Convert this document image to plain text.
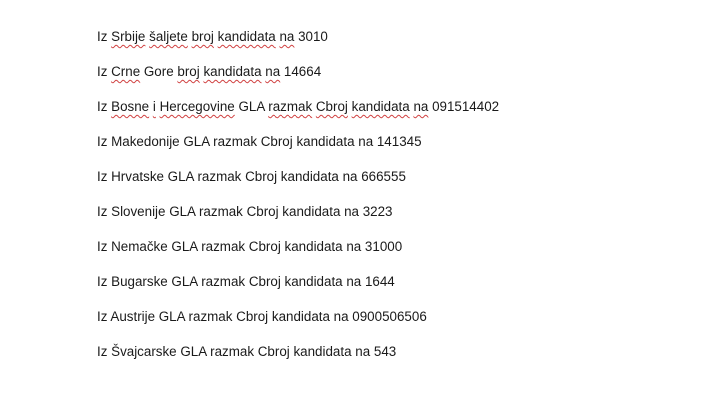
Iz Srbije šaljete broj kandidata na 3010
Iz Crne Gore broj kandidata na 14664
Iz Bosne i Hercegovine GLA razmak Cbroj kandidata na 091514402
Iz Makedonije GLA razmak Cbroj kandidata na 141345
Iz Hrvatske GLA razmak Cbroj kandidata na 666555
Iz Slovenije GLA razmak Cbroj kandidata na 3223
Iz Nemačke GLA razmak Cbroj kandidata na 31000
Iz Bugarske GLA razmak Cbroj kandidata na 1644
Iz Austrije GLA razmak Cbroj kandidata na 0900506506
Iz Švajcarske GLA razmak Cbroj kandidata na 543
